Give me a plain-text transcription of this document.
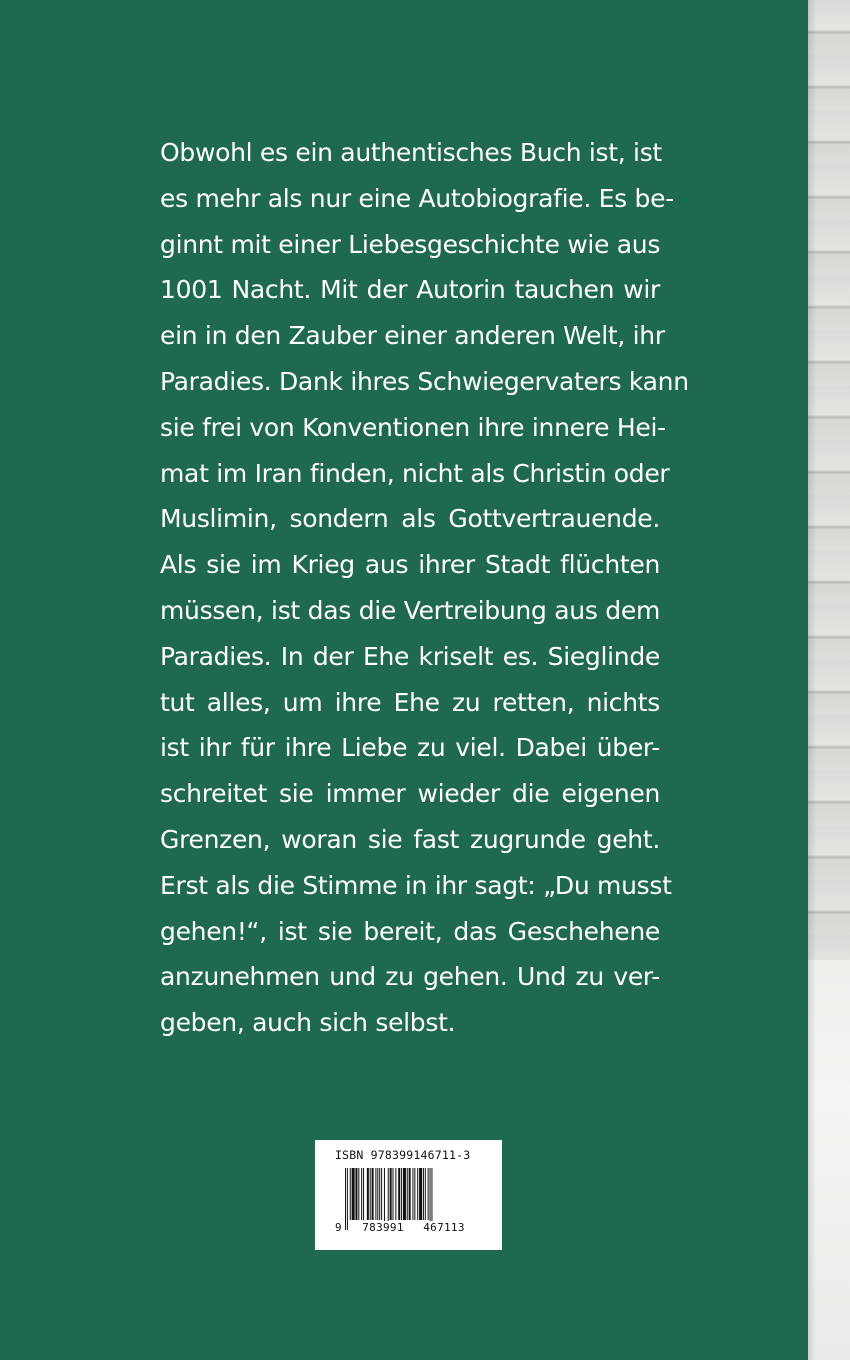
Obwohl es ein authentisches Buch ist, ist
es mehr als nur eine Autobiografie. Es be-
ginnt mit einer Liebesgeschichte wie aus
1001 Nacht. Mit der Autorin tauchen wir
ein in den Zauber einer anderen Welt, ihr
Paradies. Dank ihres Schwiegervaters kann
sie frei von Konventionen ihre innere Hei-
mat im Iran finden, nicht als Christin oder
Muslimin, sondern als Gottvertrauende.
Als sie im Krieg aus ihrer Stadt flüchten
müssen, ist das die Vertreibung aus dem
Paradies. In der Ehe kriselt es. Sieglinde
tut alles, um ihre Ehe zu retten, nichts
ist ihr für ihre Liebe zu viel. Dabei über-
schreitet sie immer wieder die eigenen
Grenzen, woran sie fast zugrunde geht.
Erst als die Stimme in ihr sagt: „Du musst
gehen!“, ist sie bereit, das Geschehene
anzunehmen und zu gehen. Und zu ver-
geben, auch sich selbst.
ISBN 978399146711-3
9	783991	467113
